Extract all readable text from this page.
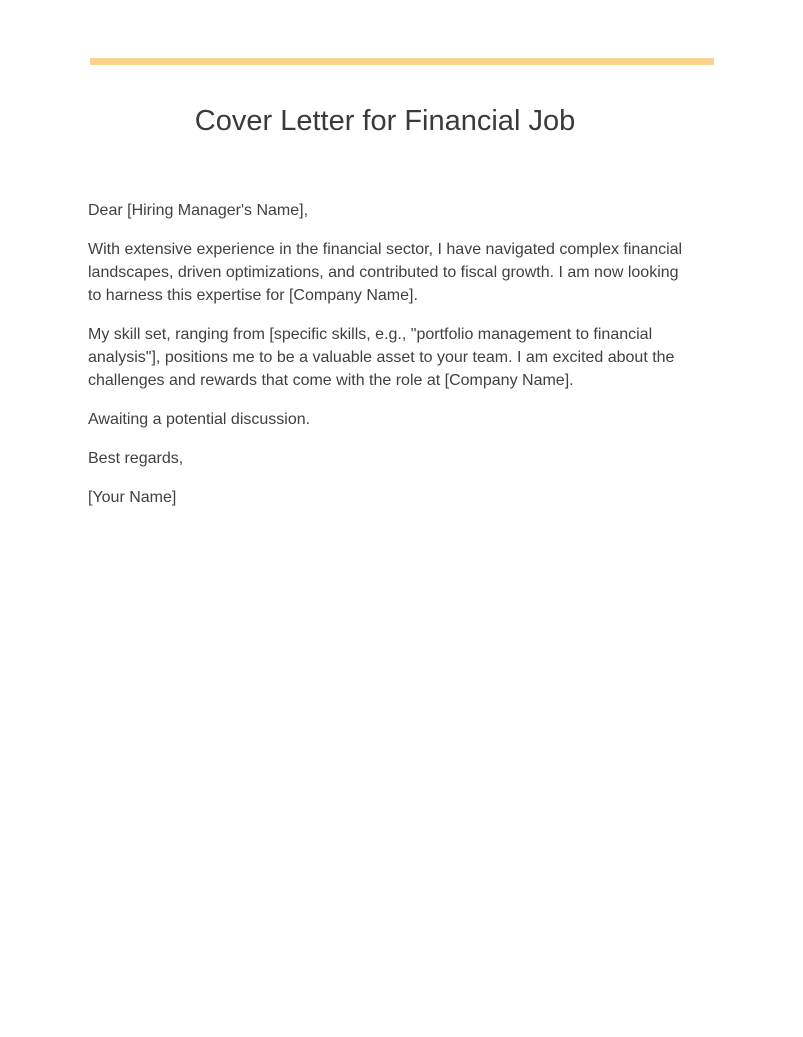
Cover Letter for Financial Job

Dear [Hiring Manager's Name],

With extensive experience in the financial sector, I have navigated complex financial landscapes, driven optimizations, and contributed to fiscal growth. I am now looking to harness this expertise for [Company Name].

My skill set, ranging from [specific skills, e.g., "portfolio management to financial analysis"], positions me to be a valuable asset to your team. I am excited about the challenges and rewards that come with the role at [Company Name].

Awaiting a potential discussion.

Best regards,

[Your Name]
